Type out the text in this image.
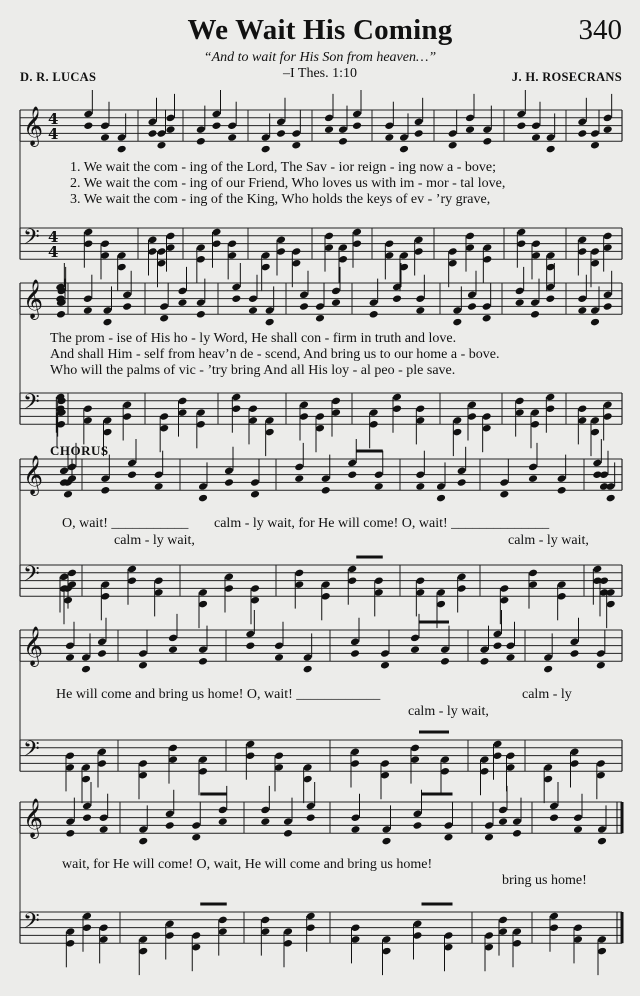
We Wait His Coming	340
“And to wait for His Son from heaven…”
–I Thes. 1:10
D. R. LUCAS	J. H. ROSECRANS
𝄞 4
4
𝄢 4
4
𝄞
𝄢
𝄞
𝄢
𝄞
𝄢
𝄞
𝄢
1. We wait the com - ing of the Lord, The Sav - ior reign - ing now a - bove;
2. We wait the com - ing of our Friend, Who loves us with im - mor - tal love,
3. We wait the com - ing of the King, Who holds the keys of ev - ’ry grave,
The prom - ise of His ho - ly Word, He shall con - firm in truth and love.
And shall Him - self from heav’n de - scend, And bring us to our home a - bove.
Who will the palms of vic - ’try bring And all His loy - al peo - ple save.
CHORUS
O, wait! ___________ calm - ly wait, for He will come! O, wait! ______________
calm - ly wait,	calm - ly wait,
He will come and bring us home! O, wait! ____________	calm - ly
calm - ly wait,
wait, for He will come! O, wait, He will come and bring us home!
bring us home!
